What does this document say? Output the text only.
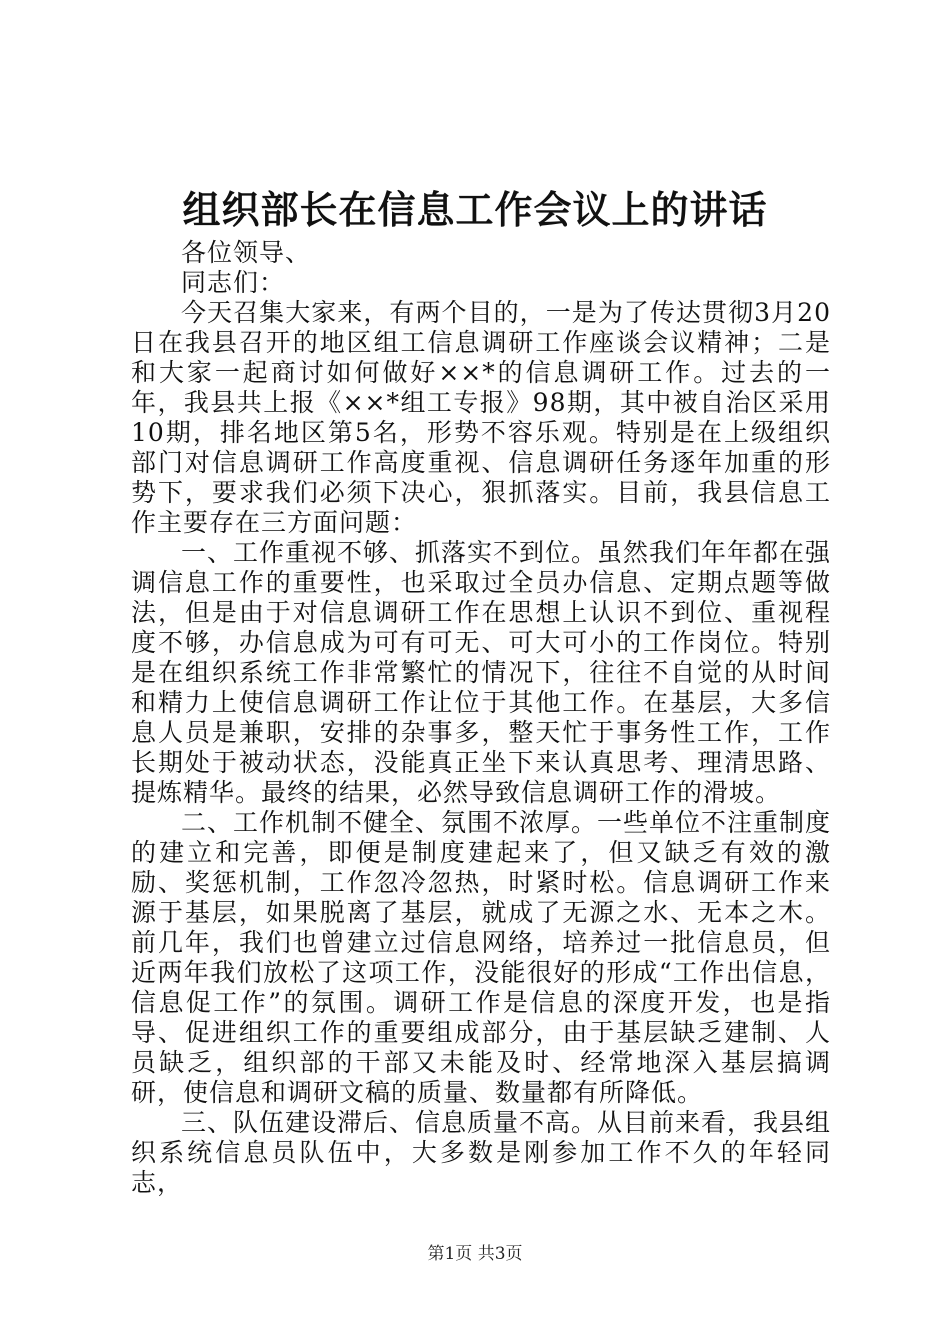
组织部长在信息工作会议上的讲话

各位领导、

同志们：

今天召集大家来，有两个目的，一是为了传达贯彻3月20日在我县召开的地区组工信息调研工作座谈会议精神；二是和大家一起商讨如何做好××*的信息调研工作。过去的一年，我县共上报《××*组工专报》98期，其中被自治区采用10期，排名地区第5名，形势不容乐观。特别是在上级组织部门对信息调研工作高度重视、信息调研任务逐年加重的形势下，要求我们必须下决心，狠抓落实。目前，我县信息工作主要存在三方面问题：

一、工作重视不够、抓落实不到位。虽然我们年年都在强调信息工作的重要性，也采取过全员办信息、定期点题等做法，但是由于对信息调研工作在思想上认识不到位、重视程度不够，办信息成为可有可无、可大可小的工作岗位。特别是在组织系统工作非常繁忙的情况下，往往不自觉的从时间和精力上使信息调研工作让位于其他工作。在基层，大多信息人员是兼职，安排的杂事多，整天忙于事务性工作，工作长期处于被动状态，没能真正坐下来认真思考、理清思路、提炼精华。最终的结果，必然导致信息调研工作的滑坡。

二、工作机制不健全、氛围不浓厚。一些单位不注重制度的建立和完善，即便是制度建起来了，但又缺乏有效的激励、奖惩机制，工作忽冷忽热，时紧时松。信息调研工作来源于基层，如果脱离了基层，就成了无源之水、无本之木。前几年，我们也曾建立过信息网络，培养过一批信息员，但近两年我们放松了这项工作，没能很好的形成“工作出信息，信息促工作”的氛围。调研工作是信息的深度开发，也是指导、促进组织工作的重要组成部分，由于基层缺乏建制、人员缺乏，组织部的干部又未能及时、经常地深入基层搞调研，使信息和调研文稿的质量、数量都有所降低。

三、队伍建设滞后、信息质量不高。从目前来看，我县组织系统信息员队伍中，大多数是刚参加工作不久的年轻同志，

第1页 共3页
